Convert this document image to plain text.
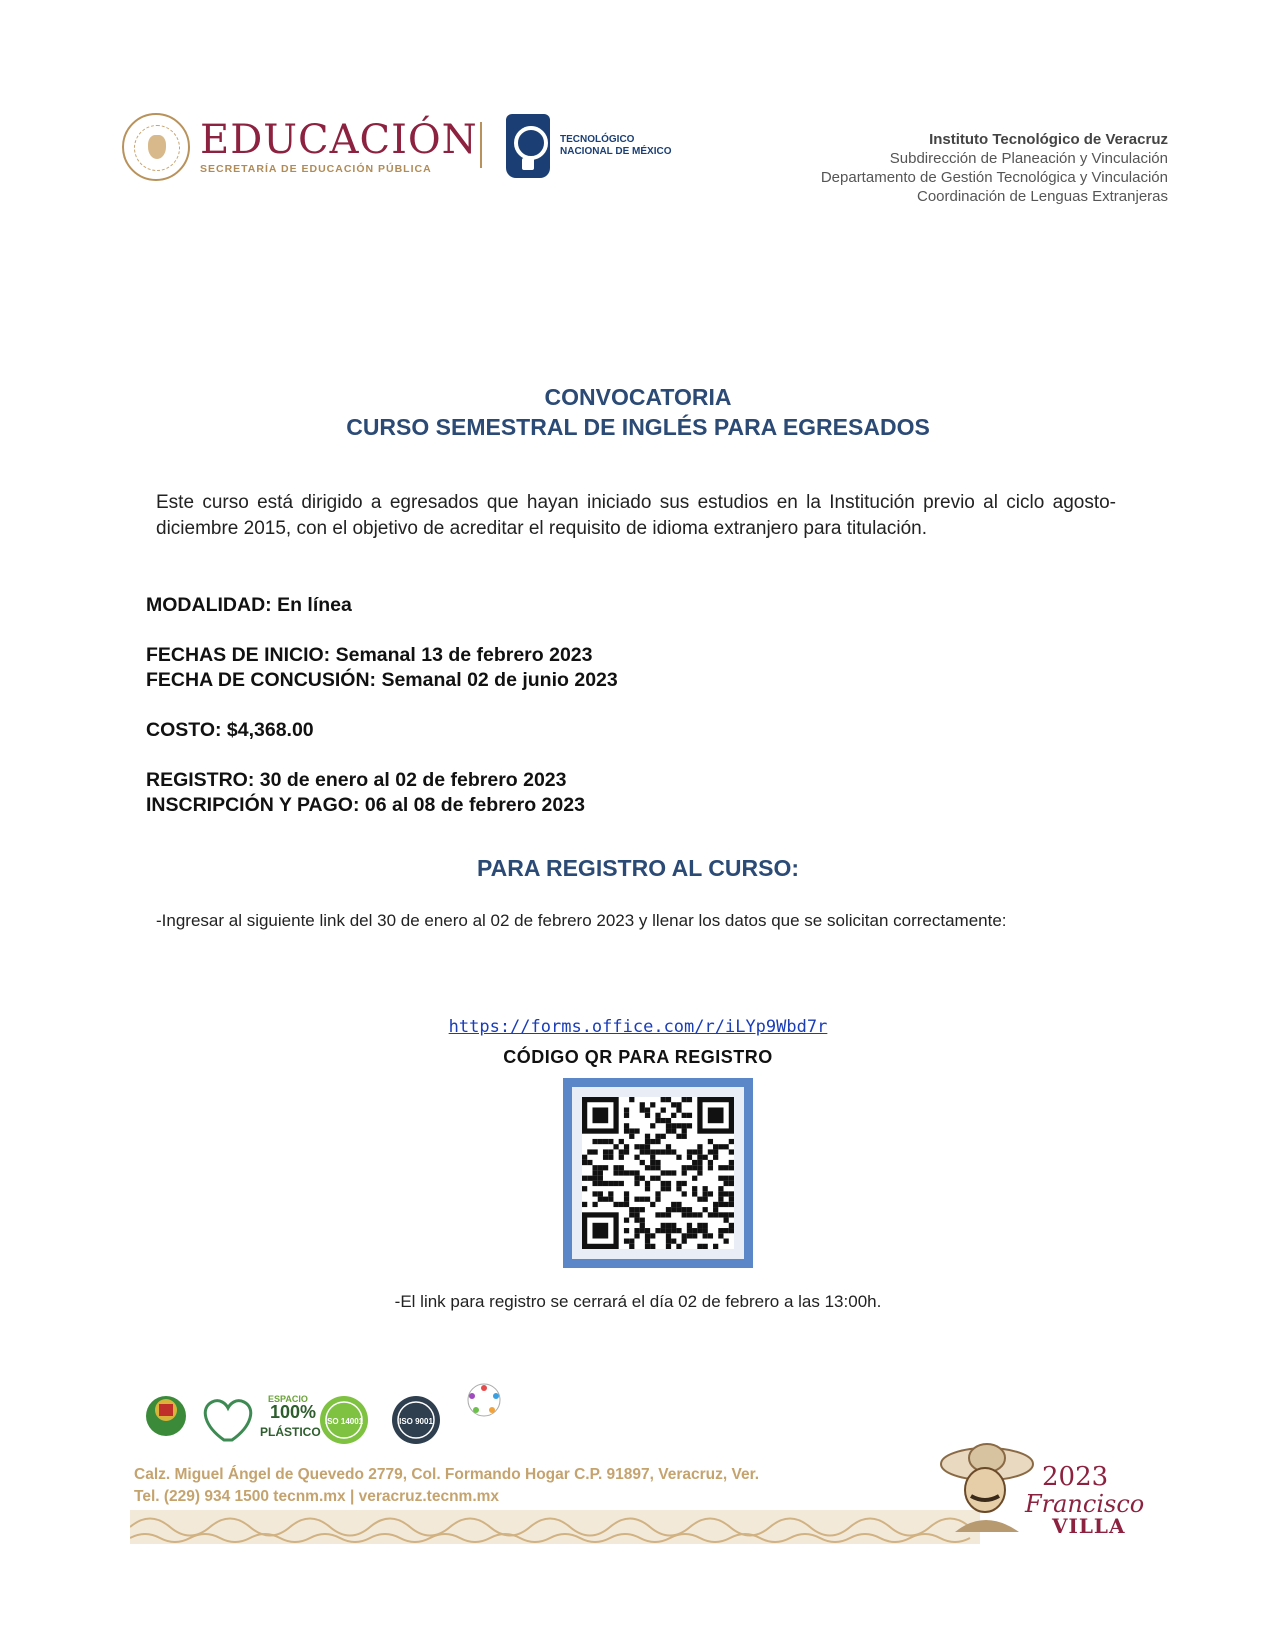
EDUCACIÓN
SECRETARÍA DE EDUCACIÓN PÚBLICA
TECNOLÓGICO
NACIONAL DE MÉXICO
Instituto Tecnológico de Veracruz
Subdirección de Planeación y Vinculación
Departamento de Gestión Tecnológica y Vinculación
Coordinación de Lenguas Extranjeras
CONVOCATORIA
CURSO SEMESTRAL DE INGLÉS PARA EGRESADOS
Este curso está dirigido a egresados que hayan iniciado sus estudios en la Institución previo al ciclo agosto-diciembre 2015, con el objetivo de acreditar el requisito de idioma extranjero para titulación.
MODALIDAD: En línea
FECHAS DE INICIO: Semanal 13 de febrero 2023
FECHA DE CONCUSIÓN: Semanal 02 de junio 2023
COSTO: $4,368.00
REGISTRO: 30 de enero al 02 de febrero 2023
INSCRIPCIÓN Y PAGO: 06 al 08 de febrero 2023
PARA REGISTRO AL CURSO:
-Ingresar al siguiente link del 30 de enero al 02 de febrero 2023 y llenar los datos que se solicitan correctamente:
https://forms.office.com/r/iLYp9Wbd7r
CÓDIGO QR PARA REGISTRO
-El link para registro se cerrará el día 02 de febrero a las 13:00h.
ESPACIO
100%
PLÁSTICO
ISO 14001	ISO 9001
Calz. Miguel Ángel de Quevedo 2779, Col. Formando Hogar C.P. 91897, Veracruz, Ver.
Tel. (229) 934 1500 tecnm.mx | veracruz.tecnm.mx
2023
Francisco
VILLA
